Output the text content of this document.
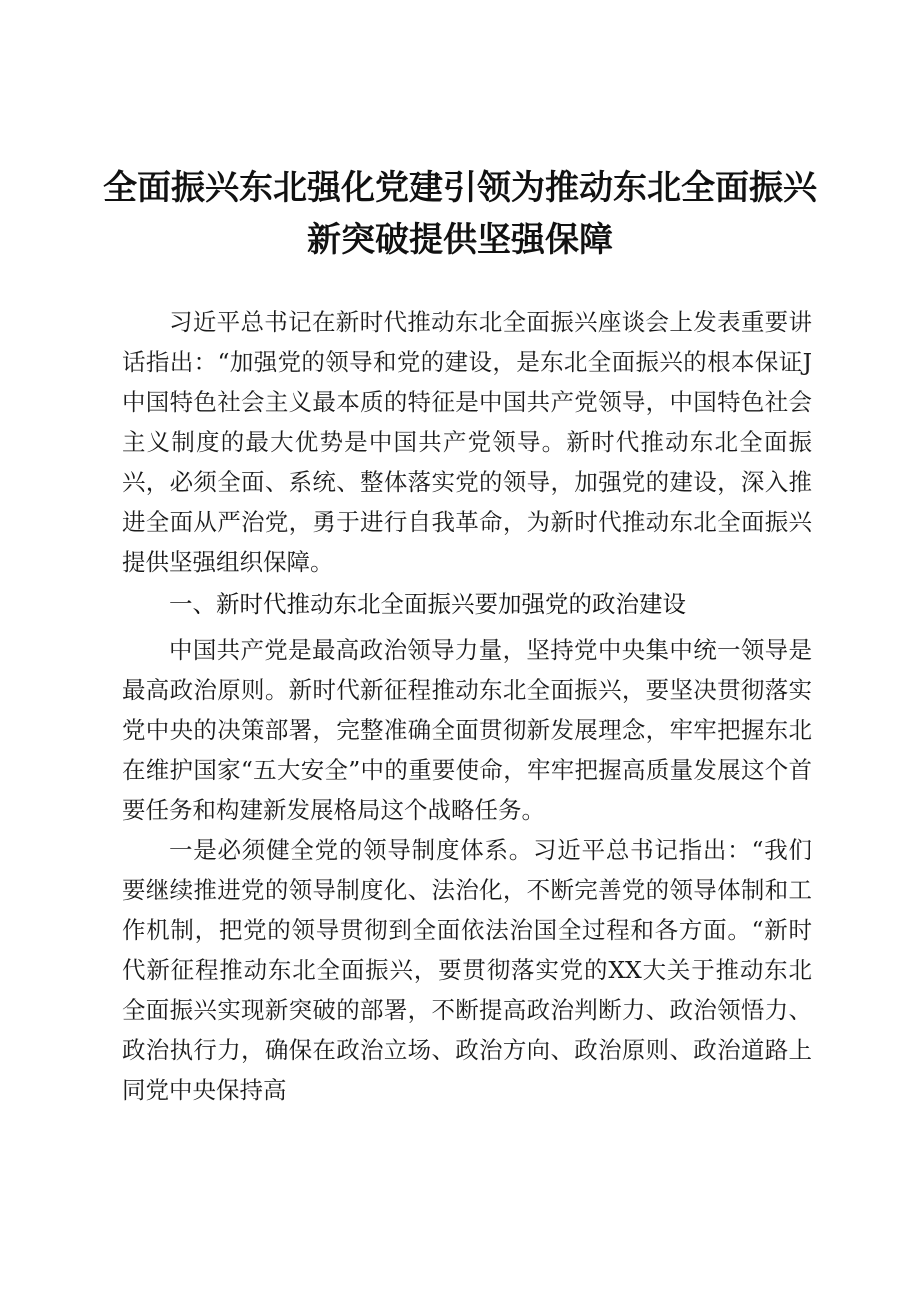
全面振兴东北强化党建引领为推动东北全面振兴新突破提供坚强保障

习近平总书记在新时代推动东北全面振兴座谈会上发表重要讲话指出：“加强党的领导和党的建设，是东北全面振兴的根本保证J中国特色社会主义最本质的特征是中国共产党领导，中国特色社会主义制度的最大优势是中国共产党领导。新时代推动东北全面振兴，必须全面、系统、整体落实党的领导，加强党的建设，深入推进全面从严治党，勇于进行自我革命，为新时代推动东北全面振兴提供坚强组织保障。

一、新时代推动东北全面振兴要加强党的政治建设

中国共产党是最高政治领导力量，坚持党中央集中统一领导是最高政治原则。新时代新征程推动东北全面振兴，要坚决贯彻落实党中央的决策部署，完整准确全面贯彻新发展理念，牢牢把握东北在维护国家“五大安全”中的重要使命，牢牢把握高质量发展这个首要任务和构建新发展格局这个战略任务。

一是必须健全党的领导制度体系。习近平总书记指出：“我们要继续推进党的领导制度化、法治化，不断完善党的领导体制和工作机制，把党的领导贯彻到全面依法治国全过程和各方面。“新时代新征程推动东北全面振兴，要贯彻落实党的XX大关于推动东北全面振兴实现新突破的部署，不断提高政治判断力、政治领悟力、政治执行力，确保在政治立场、政治方向、政治原则、政治道路上同党中央保持高
